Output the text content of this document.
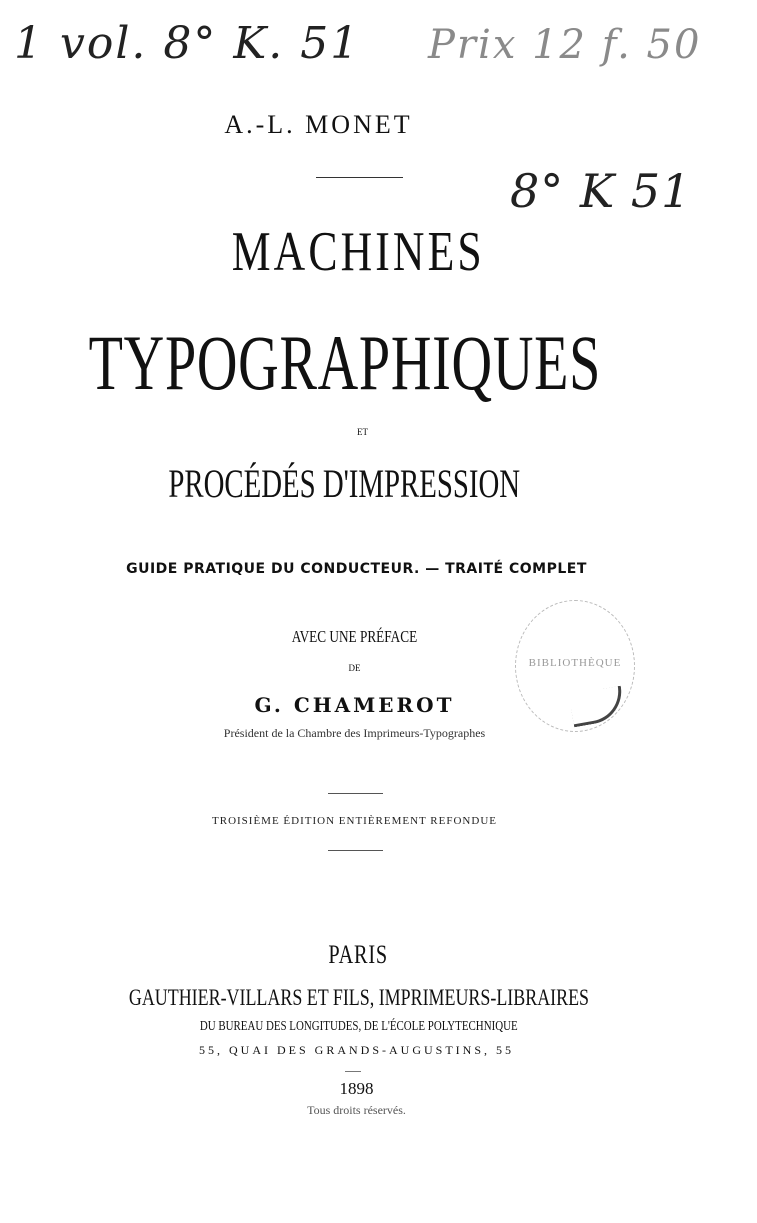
1 vol. 8° K. 51 Prix 12 f. 50
8° K 51
A.-L. MONET
MACHINES
TYPOGRAPHIQUES
ET
PROCÉDÉS D'IMPRESSION
GUIDE PRATIQUE DU CONDUCTEUR. — TRAITÉ COMPLET
AVEC UNE PRÉFACE
DE
G. CHAMEROT
Président de la Chambre des Imprimeurs-Typographes
BIBLIOTHÈQUE
TROISIÈME ÉDITION ENTIÈREMENT REFONDUE
PARIS
GAUTHIER-VILLARS ET FILS, IMPRIMEURS-LIBRAIRES
DU BUREAU DES LONGITUDES, DE L'ÉCOLE POLYTECHNIQUE
55, QUAI DES GRANDS-AUGUSTINS, 55
1898
Tous droits réservés.
